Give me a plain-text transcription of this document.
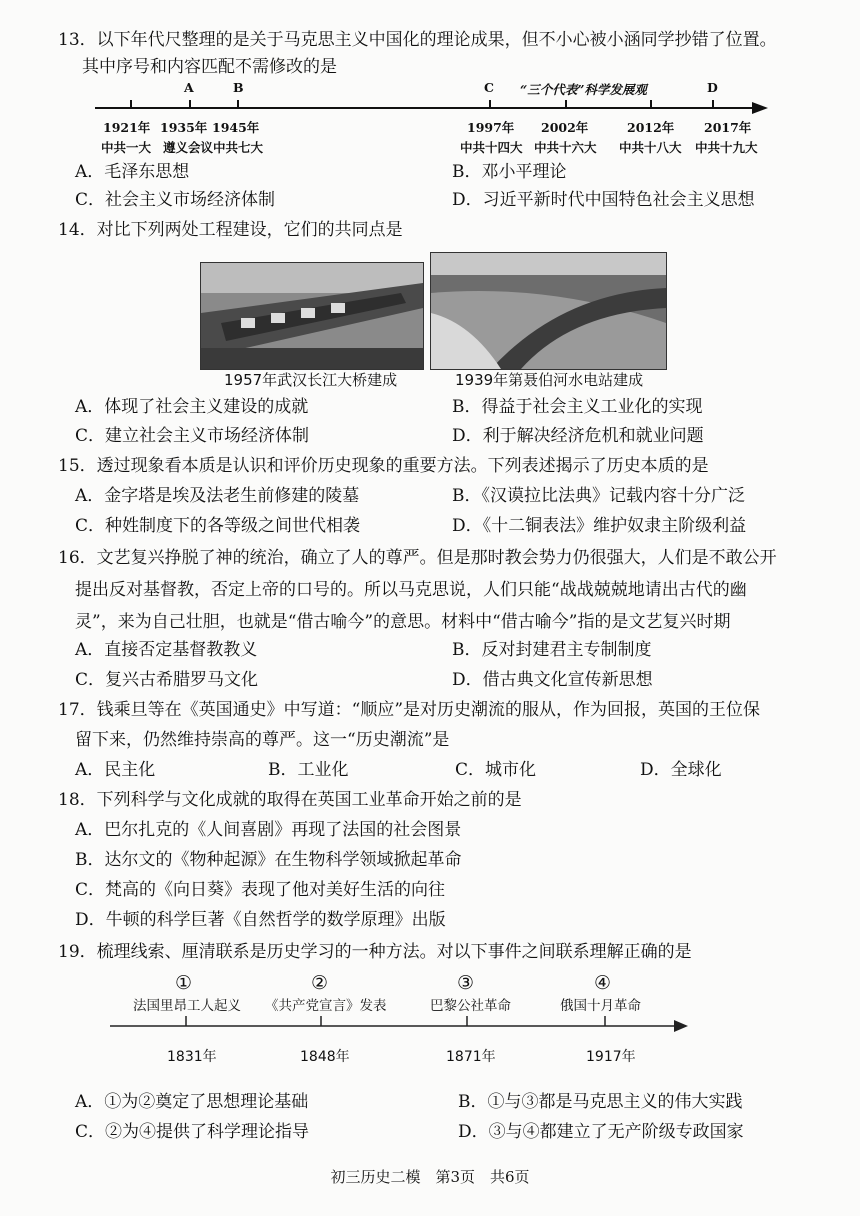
13．以下年代尺整理的是关于马克思主义中国化的理论成果，但不小心被小涵同学抄错了位置。
其中序号和内容匹配不需修改的是
A	B	C	D
“三个代表”科学发展观
1921年 1935年 1945年	1997年 2002年	2012年 2017年
中共一大 遵义会议 中共七大	中共十四大 中共十六大 中共十八大 中共十九大
A．毛泽东思想	B．邓小平理论
C．社会主义市场经济体制	D．习近平新时代中国特色社会主义思想
14．对比下列两处工程建设，它们的共同点是
1957年武汉长江大桥建成	1939年第聂伯河水电站建成
A．体现了社会主义建设的成就	B．得益于社会主义工业化的实现
C．建立社会主义市场经济体制	D．利于解决经济危机和就业问题
15．透过现象看本质是认识和评价历史现象的重要方法。下列表述揭示了历史本质的是
A．金字塔是埃及法老生前修建的陵墓	B．《汉谟拉比法典》记载内容十分广泛
C．种姓制度下的各等级之间世代相袭	D．《十二铜表法》维护奴隶主阶级利益
16．文艺复兴挣脱了神的统治，确立了人的尊严。但是那时教会势力仍很强大，人们是不敢公开
提出反对基督教，否定上帝的口号的。所以马克思说，人们只能“战战兢兢地请出古代的幽
灵”，来为自己壮胆，也就是“借古喻今”的意思。材料中“借古喻今”指的是文艺复兴时期
A．直接否定基督教教义	B．反对封建君主专制制度
C．复兴古希腊罗马文化	D．借古典文化宣传新思想
17．钱乘旦等在《英国通史》中写道：“顺应”是对历史潮流的服从，作为回报，英国的王位保
留下来，仍然维持崇高的尊严。这一“历史潮流”是
A．民主化	B．工业化	C．城市化	D．全球化
18．下列科学与文化成就的取得在英国工业革命开始之前的是
A．巴尔扎克的《人间喜剧》再现了法国的社会图景
B．达尔文的《物种起源》在生物科学领域掀起革命
C．梵高的《向日葵》表现了他对美好生活的向往
D．牛顿的科学巨著《自然哲学的数学原理》出版
19．梳理线索、厘清联系是历史学习的一种方法。对以下事件之间联系理解正确的是
①	②	③	④
法国里昂工人起义 《共产党宣言》发表	巴黎公社革命	俄国十月革命
1831年	1848年	1871年	1917年
A．①为②奠定了思想理论基础	B．①与③都是马克思主义的伟大实践
C．②为④提供了科学理论指导	D．③与④都建立了无产阶级专政国家
初三历史二模　第3页　共6页
